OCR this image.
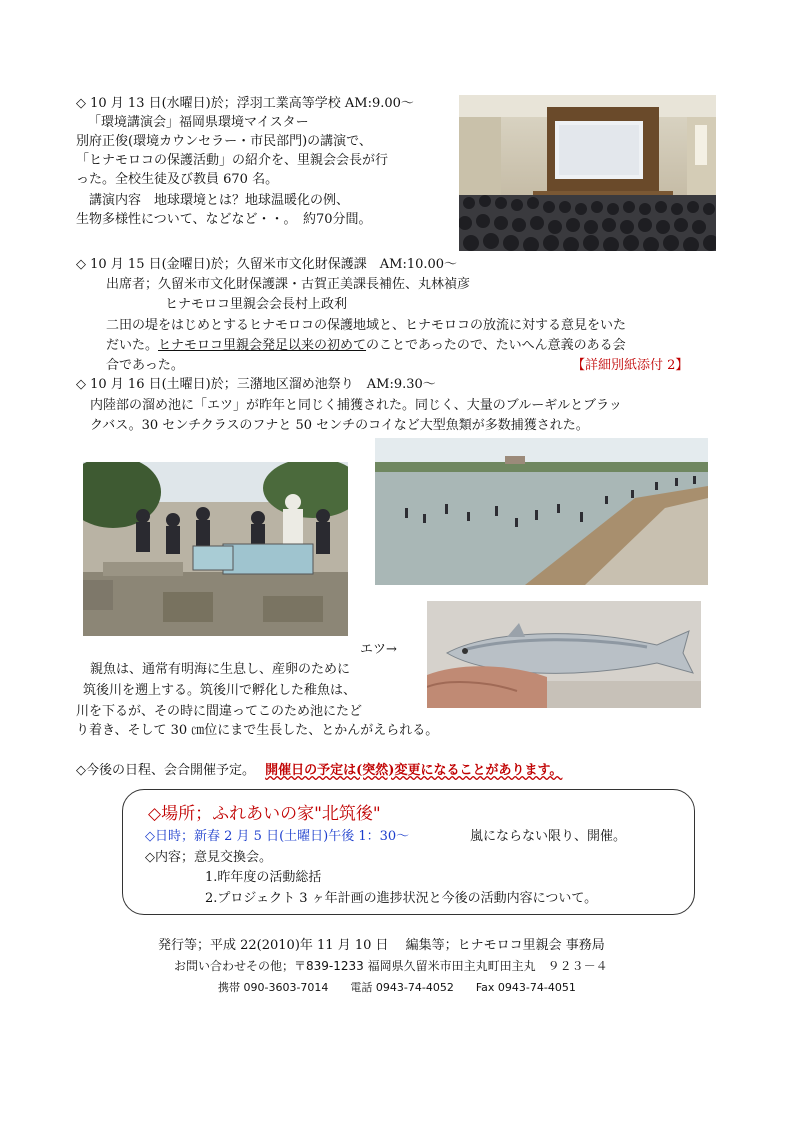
◇ 10 月 13 日(水曜日)於；浮羽工業高等学校 AM:9.00～
「環境講演会」福岡県環境マイスター
別府正俊(環境カウンセラー・市民部門)の講演で、
「ヒナモロコの保護活動」の紹介を、里親会会長が行
った。全校生徒及び教員 670 名。
　講演内容　地球環境とは？地球温暖化の例、
生物多様性について、などなど・・。　約70分間。
◇ 10 月 15 日(金曜日)於；久留米市文化財保護課　AM:10.00～
出席者；久留米市文化財保護課・古賀正美課長補佐、丸林禎彦
ヒナモロコ里親会会長村上政利
二田の堤をはじめとするヒナモロコの保護地域と、ヒナモロコの放流に対する意見をいた
だいた。ヒナモロコ里親会発足以来の初めてのことであったので、たいへん意義のある会
合であった。	【詳細別紙添付 2】
◇ 10 月 16 日(土曜日)於；三潴地区溜め池祭り　AM:9.30～
内陸部の溜め池に「エツ」が昨年と同じく捕獲された。同じく、大量のブルーギルとブラッ
クバス。30 センチクラスのフナと 50 センチのコイなど大型魚類が多数捕獲された。
エツ→
親魚は、通常有明海に生息し、産卵のために
筑後川を遡上する。筑後川で孵化した稚魚は、
川を下るが、その時に間違ってこのため池にたど
り着き、そして 30 ㎝位にまで生長した、とかんがえられる。
◇今後の日程、会合開催予定。 開催日の予定は(突然)変更になることがあります。
◇場所；ふれあいの家"北筑後"
◇日時；新春 2 月 5 日(土曜日)午後 1：30～	嵐にならない限り、開催。
◇内容；意見交換会。
1.昨年度の活動総括
2.プロジェクト 3 ヶ年計画の進捗状況と今後の活動内容について。
発行等；平成 22(2010)年 11 月 10 日　 編集等；ヒナモロコ里親会 事務局
お問い合わせその他；〒839-1233 福岡県久留米市田主丸町田主丸　９２３－４
携帯 090-3603-7014　　電話 0943-74-4052　　Fax 0943-74-4051
